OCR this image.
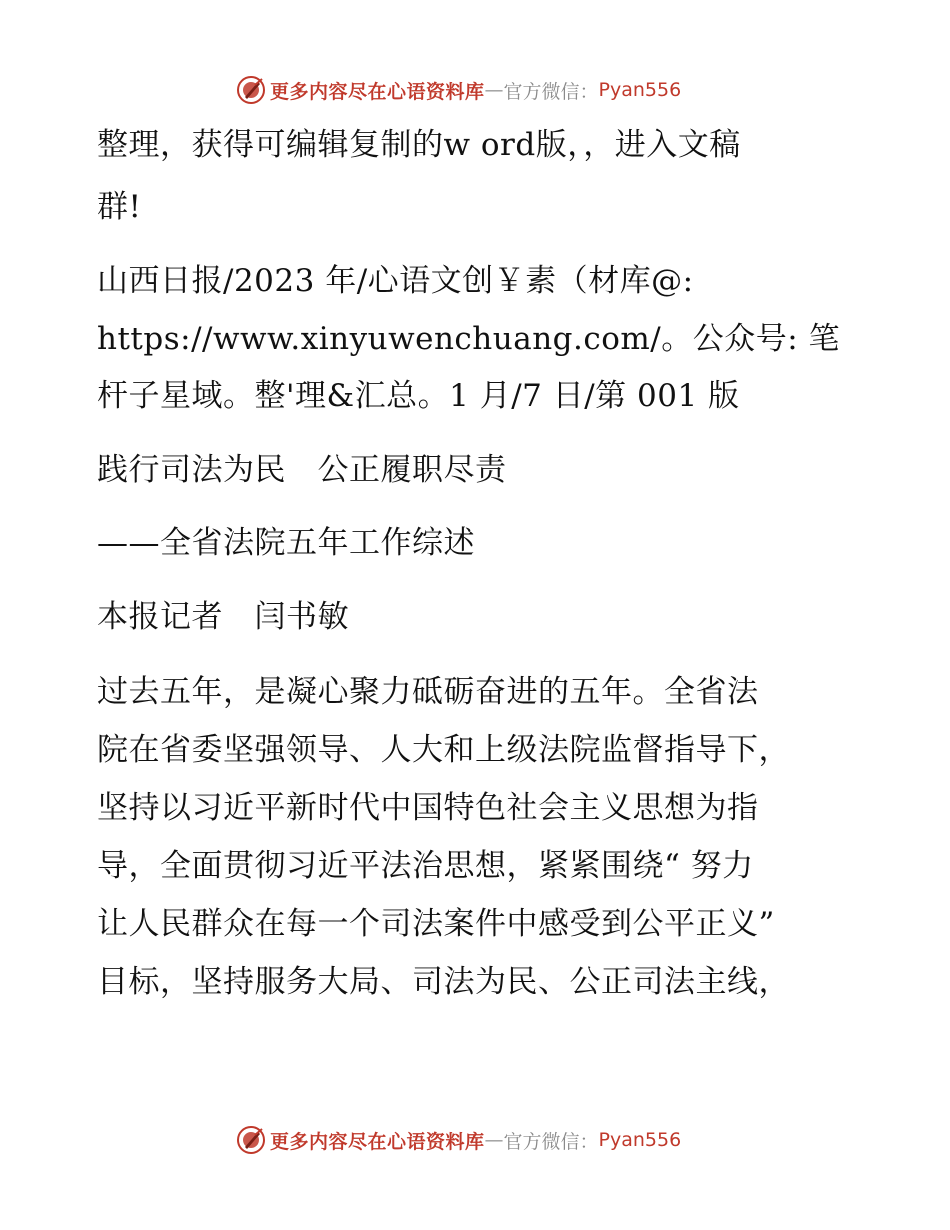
更多内容尽在心语资料库 — 官方微信： Pyan556
整理，获得可编辑复制的w ord版，，进入文稿
群!
山西日报/2023 年/心语文创￥素（材库@:
https://www.xinyuwenchuang.com/。公众号: 笔
杆子星域。整'理&汇总。1 月/7 日/第 001 版
践行司法为民　公正履职尽责
——全省法院五年工作综述
本报记者　闫书敏
过去五年，是凝心聚力砥砺奋进的五年。全省法
院在省委坚强领导、人大和上级法院监督指导下，
坚持以习近平新时代中国特色社会主义思想为指
导，全面贯彻习近平法治思想，紧紧围绕“ 努力
让人民群众在每一个司法案件中感受到公平正义”
目标，坚持服务大局、司法为民、公正司法主线，
更多内容尽在心语资料库 — 官方微信： Pyan556
